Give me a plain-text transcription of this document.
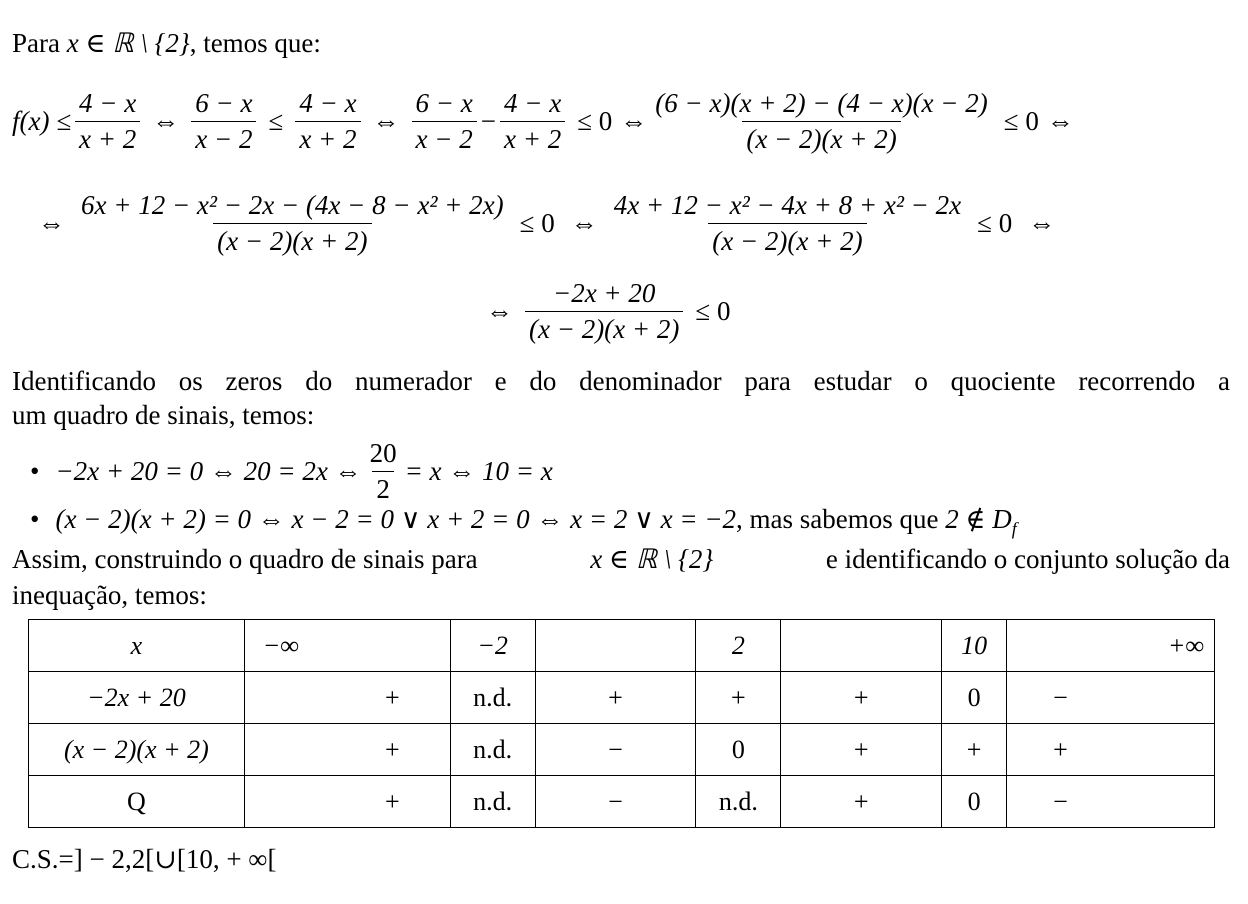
Para x ∈ ℝ \ {2}, temos que:
$f(x) \le \frac{4 - x}{x + 2}$ ⇔ $\frac{6 - x}{x - 2} \le \frac{4 - x}{x + 2}$ ⇔ $\frac{6 - x}{x - 2} - \frac{4 - x}{x + 2} \le 0$ ⇔ $\frac{(6 - x)(x + 2) - (4 - x)(x - 2)}{(x - 2)(x + 2)} \le 0$ ⇔
⇔ $\frac{\text{6x + 12 − x² − 2x − (4x − 8 − x² + 2x)}}{(x - 2)(x + 2)} \le 0$ ⇔ $\frac{\text{4x + 12 − x² − 4x + 8 + x² − 2x}}{(x - 2)(x + 2)} \le 0$ ⇔
⇔ $\frac{-2x + 20}{(x - 2)(x + 2)} \le 0$
Identificando os zeros do numerador e do denominador para estudar o quociente recorrendo a
um quadro de sinais, temos:
• −2x + 20 = 0 ⇔ 20 = 2x ⇔ $\frac{20}{2} = x$ ⇔ 10 = x
• (x − 2)(x + 2) = 0 ⇔ x − 2 = 0 ∨ x + 2 = 0 ⇔ x = 2 ∨ x = −2, mas sabemos que 2 ∉ $D_f$
Assim, construindo o quadro de sinais para	x ∈ ℝ \ {2}	e identificando o conjunto solução da
inequação, temos:
x	−∞	−2		2		10	+∞
−2x + 20	+	n.d.	+	+	+	0	−
(x − 2)(x + 2)	+	n.d.	−	0	+	+	+
Q	+	n.d.	−	n.d.	+	0	−
C.S.=] − 2,2[∪[10, + ∞[
